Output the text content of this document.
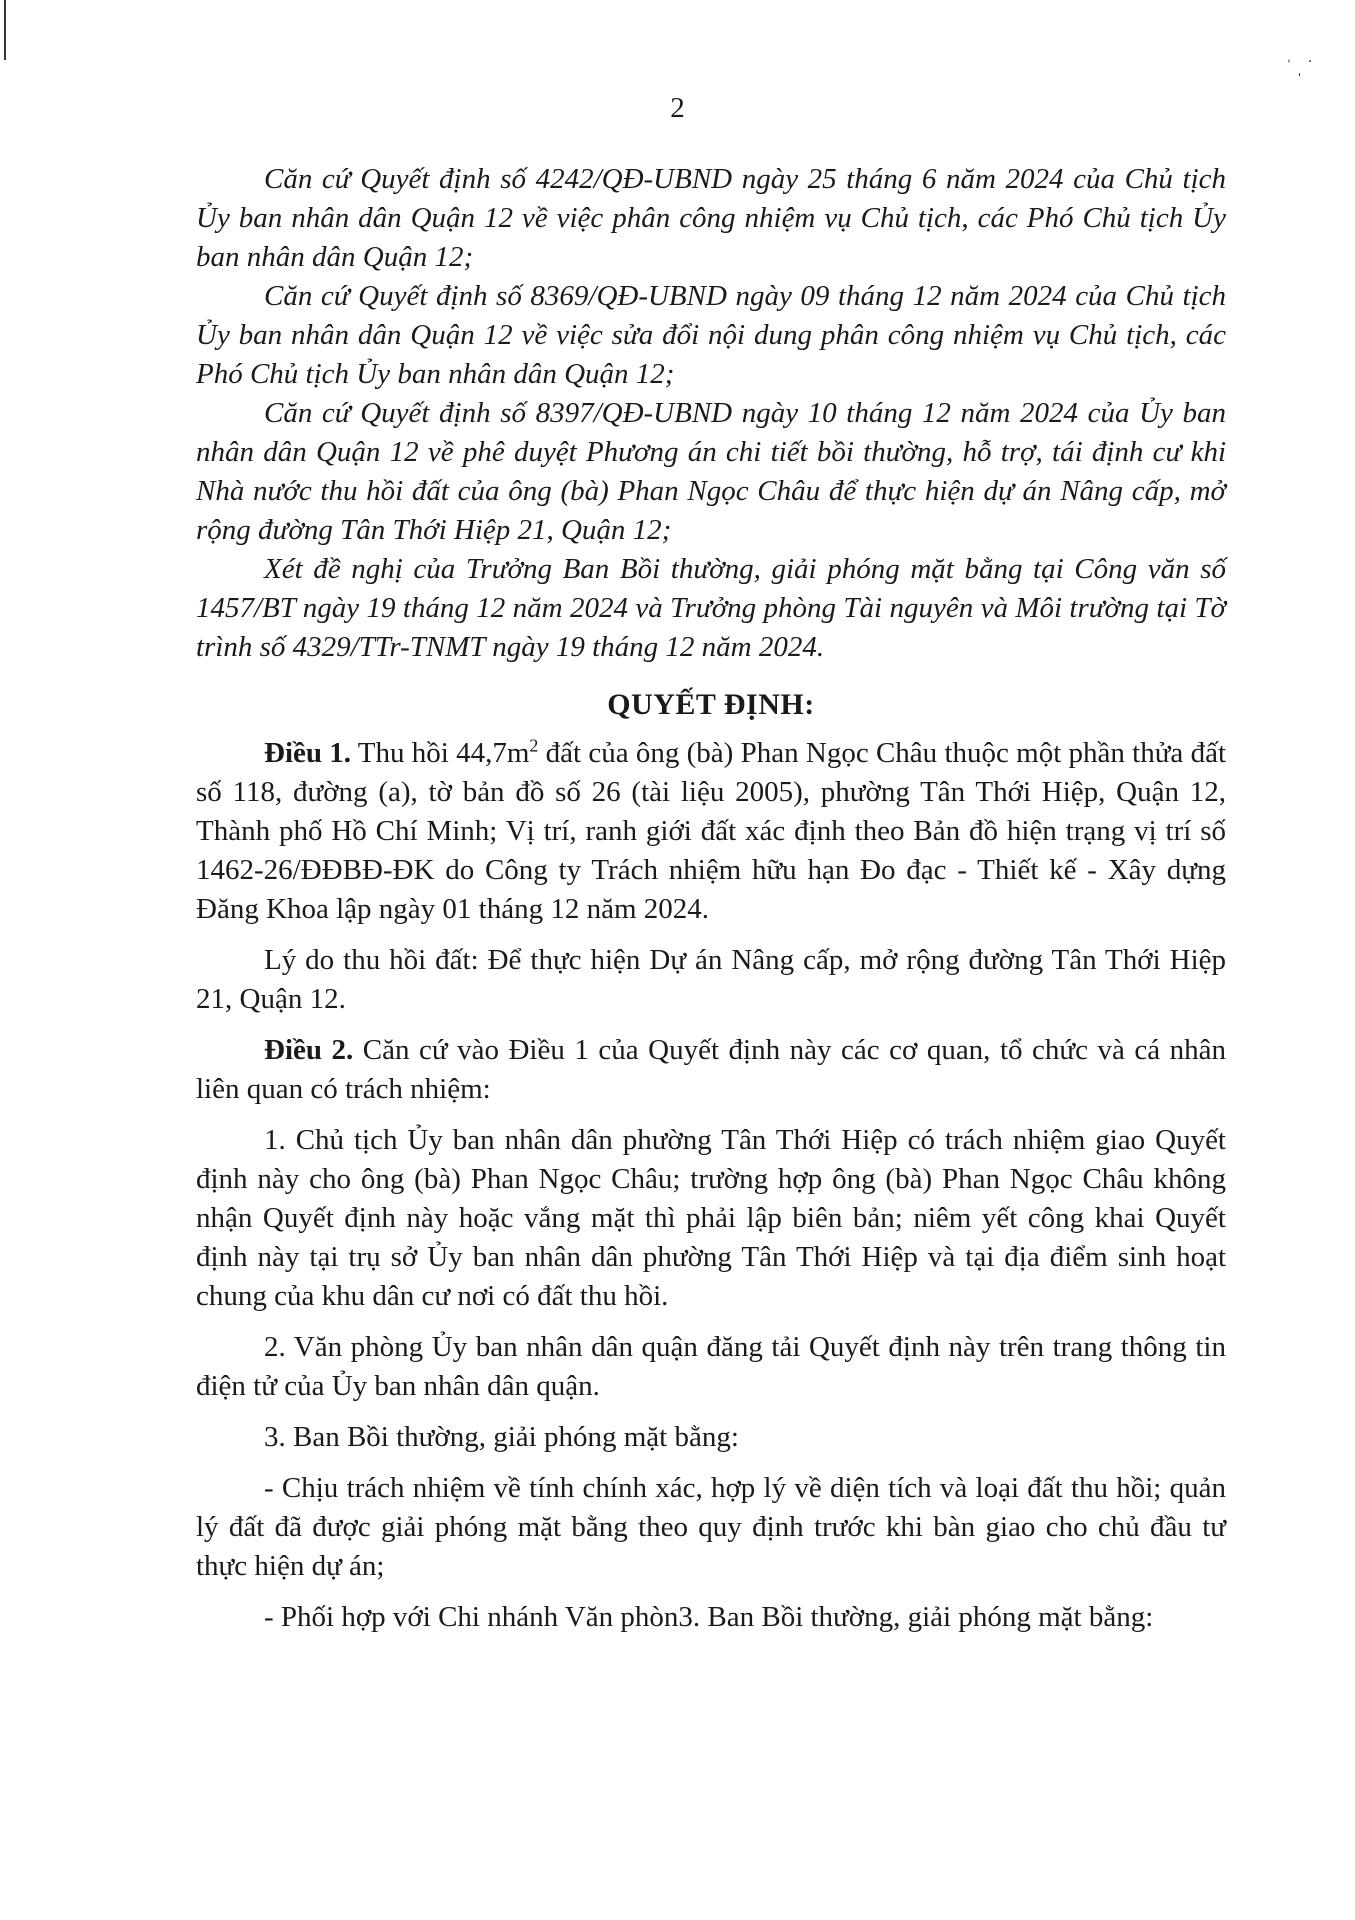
ˈ ˌ ˙
2

Căn cứ Quyết định số 4242/QĐ-UBND ngày 25 tháng 6 năm 2024 của Chủ tịch Ủy ban nhân dân Quận 12 về việc phân công nhiệm vụ Chủ tịch, các Phó Chủ tịch Ủy ban nhân dân Quận 12;

Căn cứ Quyết định số 8369/QĐ-UBND ngày 09 tháng 12 năm 2024 của Chủ tịch Ủy ban nhân dân Quận 12 về việc sửa đổi nội dung phân công nhiệm vụ Chủ tịch, các Phó Chủ tịch Ủy ban nhân dân Quận 12;

Căn cứ Quyết định số 8397/QĐ-UBND ngày 10 tháng 12 năm 2024 của Ủy ban nhân dân Quận 12 về phê duyệt Phương án chi tiết bồi thường, hỗ trợ, tái định cư khi Nhà nước thu hồi đất của ông (bà) Phan Ngọc Châu để thực hiện dự án Nâng cấp, mở rộng đường Tân Thới Hiệp 21, Quận 12;

Xét đề nghị của Trưởng Ban Bồi thường, giải phóng mặt bằng tại Công văn số 1457/BT ngày 19 tháng 12 năm 2024 và Trưởng phòng Tài nguyên và Môi trường tại Tờ trình số 4329/TTr-TNMT ngày 19 tháng 12 năm 2024.

QUYẾT ĐỊNH:

Điều 1. Thu hồi $44,7m^2$ đất của ông (bà) Phan Ngọc Châu thuộc một phần thửa đất số 118, đường (a), tờ bản đồ số 26 (tài liệu 2005), phường Tân Thới Hiệp, Quận 12, Thành phố Hồ Chí Minh; Vị trí, ranh giới đất xác định theo Bản đồ hiện trạng vị trí số 1462-26/ĐĐBĐ-ĐK do Công ty Trách nhiệm hữu hạn Đo đạc - Thiết kế - Xây dựng Đăng Khoa lập ngày 01 tháng 12 năm 2024.

Lý do thu hồi đất: Để thực hiện Dự án Nâng cấp, mở rộng đường Tân Thới Hiệp 21, Quận 12.

Điều 2. Căn cứ vào Điều 1 của Quyết định này các cơ quan, tổ chức và cá nhân liên quan có trách nhiệm:

1. Chủ tịch Ủy ban nhân dân phường Tân Thới Hiệp có trách nhiệm giao Quyết định này cho ông (bà) Phan Ngọc Châu; trường hợp ông (bà) Phan Ngọc Châu không nhận Quyết định này hoặc vắng mặt thì phải lập biên bản; niêm yết công khai Quyết định này tại trụ sở Ủy ban nhân dân phường Tân Thới Hiệp và tại địa điểm sinh hoạt chung của khu dân cư nơi có đất thu hồi.

2. Văn phòng Ủy ban nhân dân quận đăng tải Quyết định này trên trang thông tin điện tử của Ủy ban nhân dân quận.

3. Ban Bồi thường, giải phóng mặt bằng:

- Chịu trách nhiệm về tính chính xác, hợp lý về diện tích và loại đất thu hồi; quản lý đất đã được giải phóng mặt bằng theo quy định trước khi bàn giao cho chủ đầu tư thực hiện dự án;

- Phối hợp với Chi nhánh Văn phòn3. Ban Bồi thường, giải phóng mặt bằng:
